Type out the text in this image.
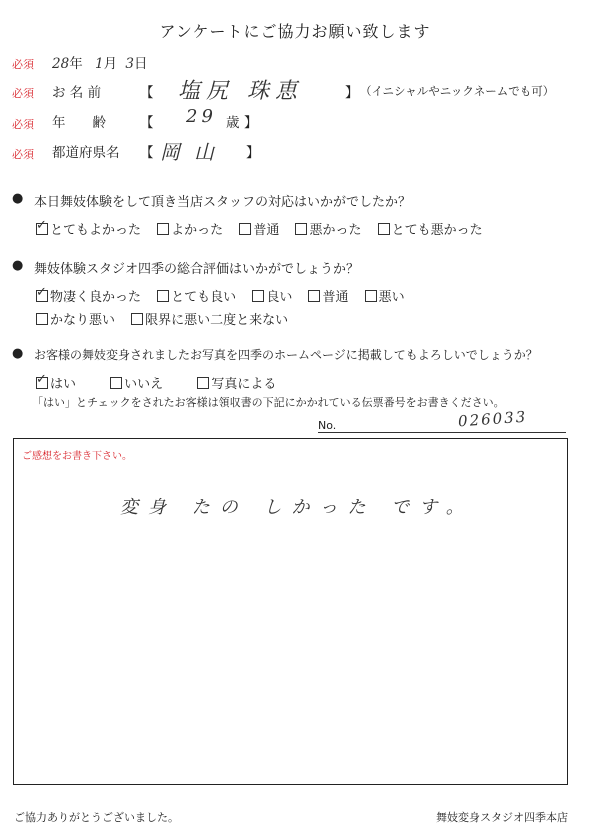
アンケートにご協力お願い致します
必須 28年 1月 3日
必須 お 名 前	【 塩尻 珠恵	】 （イニシャルやニックネームでも可）
必須 年　　齢	【 29 歳 】
必須 都道府県名 【 岡山 】
● 本日舞妓体験をして頂き当店スタッフの対応はいかがでしたか？
✓ とてもよかった よかった 普通 悪かった とても悪かった
● 舞妓体験スタジオ四季の総合評価はいかがでしょうか？
✓ 物凄く良かった とても良い 良い 普通 悪い
かなり悪い 限界に悪い二度と来ない
● お客様の舞妓変身されましたお写真を四季のホームページに掲載してもよろしいでしょうか？
✓ はい	いいえ	写真による
「はい」とチェックをされたお客様は領収書の下記にかかれている伝票番号をお書きください。
No.	026033
ご感想をお書き下さい。
変身 たの しかった です。
ご協力ありがとうございました。	舞妓変身スタジオ四季本店
